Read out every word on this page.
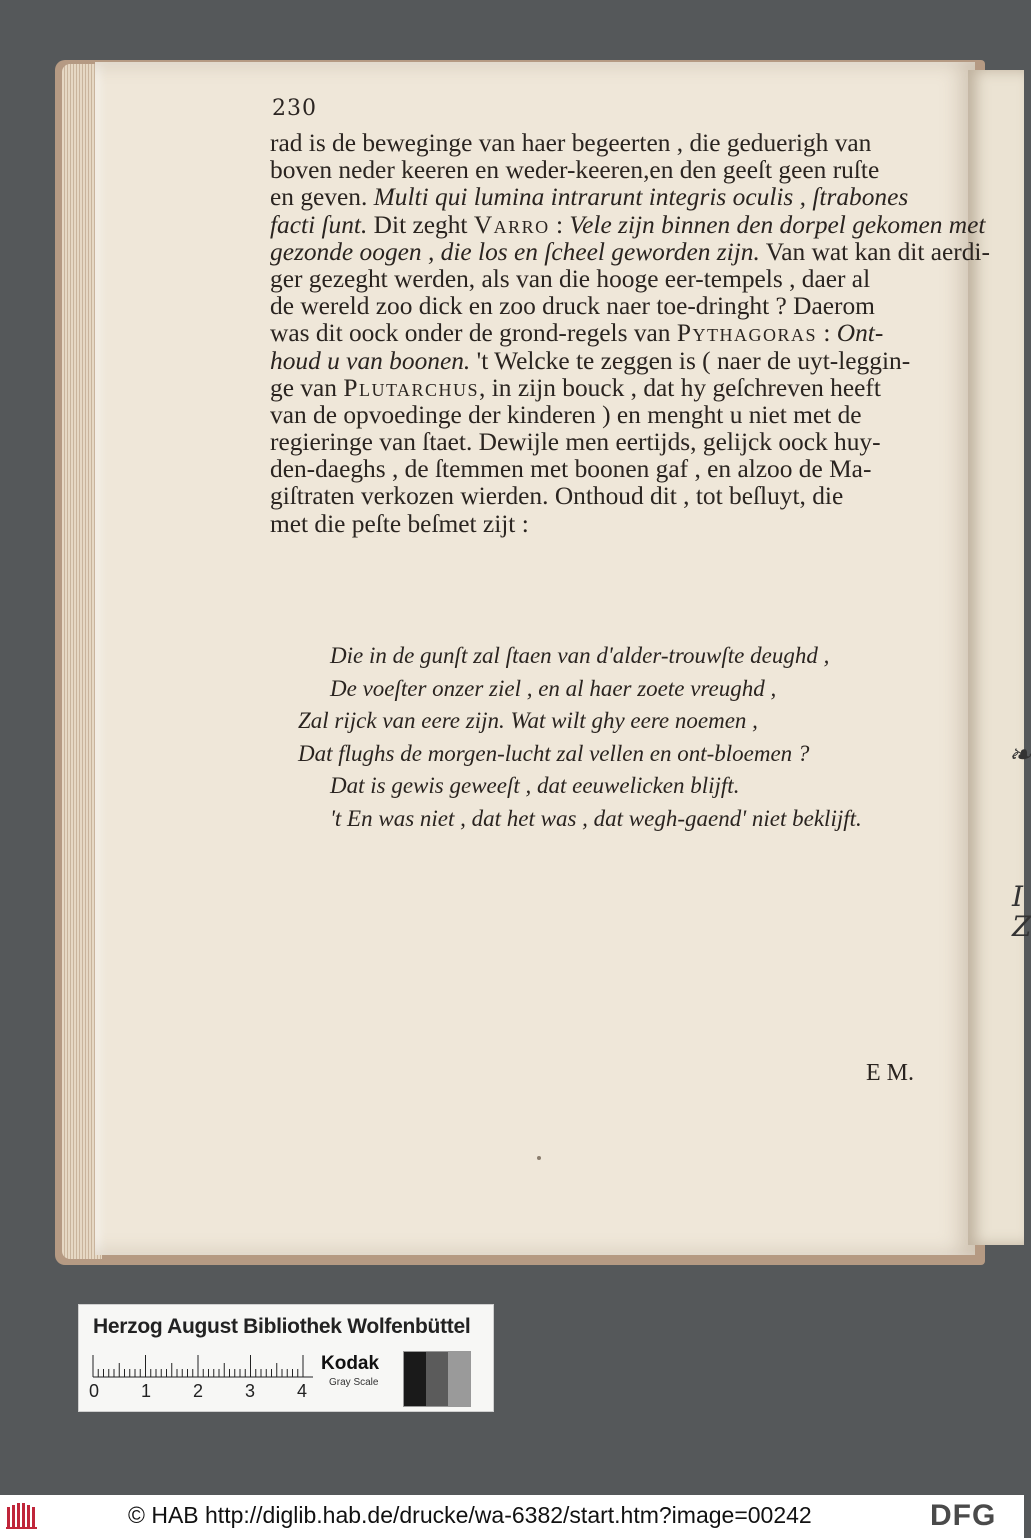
❧
I
Z
230
rad is de beweginge van haer begeerten , die geduerigh van
boven neder keeren en weder-keeren,en den geeſt geen ruſte
en geven. Multi qui lumina intrarunt integris oculis , ſtrabones
facti ſunt. Dit zeght Varro : Vele zijn binnen den dorpel gekomen met
gezonde oogen , die los en ſcheel geworden zijn. Van wat kan dit aerdi-
ger gezeght werden, als van die hooge eer-tempels , daer al
de wereld zoo dick en zoo druck naer toe-dringht ? Daerom
was dit oock onder de grond-regels van Pythagoras : Ont-
houd u van boonen. 't Welcke te zeggen is ( naer de uyt-leggin-
ge van Plutarchus, in zijn bouck , dat hy geſchreven heeft
van de opvoedinge der kinderen ) en menght u niet met de
regieringe van ſtaet. Dewijle men eertijds, gelijck oock huy-
den-daeghs , de ſtemmen met boonen gaf , en alzoo de Ma-
giſtraten verkozen wierden. Onthoud dit , tot beſluyt, die
met die peſte beſmet zijt :
Die in de gunſt zal ſtaen van d'alder-trouwſte deughd ,
De voeſter onzer ziel , en al haer zoete vreughd ,
Zal rijck van eere zijn. Wat wilt ghy eere noemen ,
Dat flughs de morgen-lucht zal vellen en ont-bloemen ?
Dat is gewis geweeſt , dat eeuwelicken blijft.
't En was niet , dat het was , dat wegh-gaend' niet beklijft.
E M.
Herzog August Bibliothek Wolfenbüttel
0 1 2 3 4
Kodak
Gray Scale
© HAB http://diglib.hab.de/drucke/wa-6382/start.htm?image=00242	DFG
